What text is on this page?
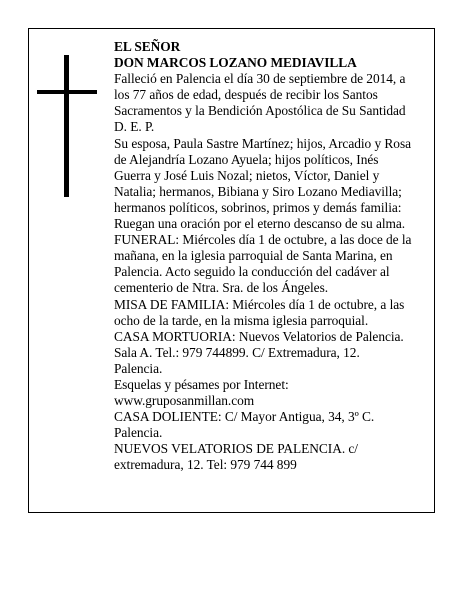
EL SEÑOR

DON MARCOS LOZANO MEDIAVILLA

Falleció en Palencia el día 30 de septiembre de 2014, a

los 77 años de edad, después de recibir los Santos

Sacramentos y la Bendición Apostólica de Su Santidad

D. E. P.

Su esposa, Paula Sastre Martínez; hijos, Arcadio y Rosa

de Alejandría Lozano Ayuela; hijos políticos, Inés

Guerra y José Luis Nozal; nietos, Víctor, Daniel y

Natalia; hermanos, Bibiana y Siro Lozano Mediavilla;

hermanos políticos, sobrinos, primos y demás familia:

Ruegan una oración por el eterno descanso de su alma.

FUNERAL: Miércoles día 1 de octubre, a las doce de la

mañana, en la iglesia parroquial de Santa Marina, en

Palencia. Acto seguido la conducción del cadáver al

cementerio de Ntra. Sra. de los Ángeles.

MISA DE FAMILIA: Miércoles día 1 de octubre, a las

ocho de la tarde, en la misma iglesia parroquial.

CASA MORTUORIA: Nuevos Velatorios de Palencia.

Sala A. Tel.: 979 744899. C/ Extremadura, 12.

Palencia.

Esquelas y pésames por Internet:

www.gruposanmillan.com

CASA DOLIENTE: C/ Mayor Antigua, 34, 3º C.

Palencia.

NUEVOS VELATORIOS DE PALENCIA. c/

extremadura, 12. Tel: 979 744 899
